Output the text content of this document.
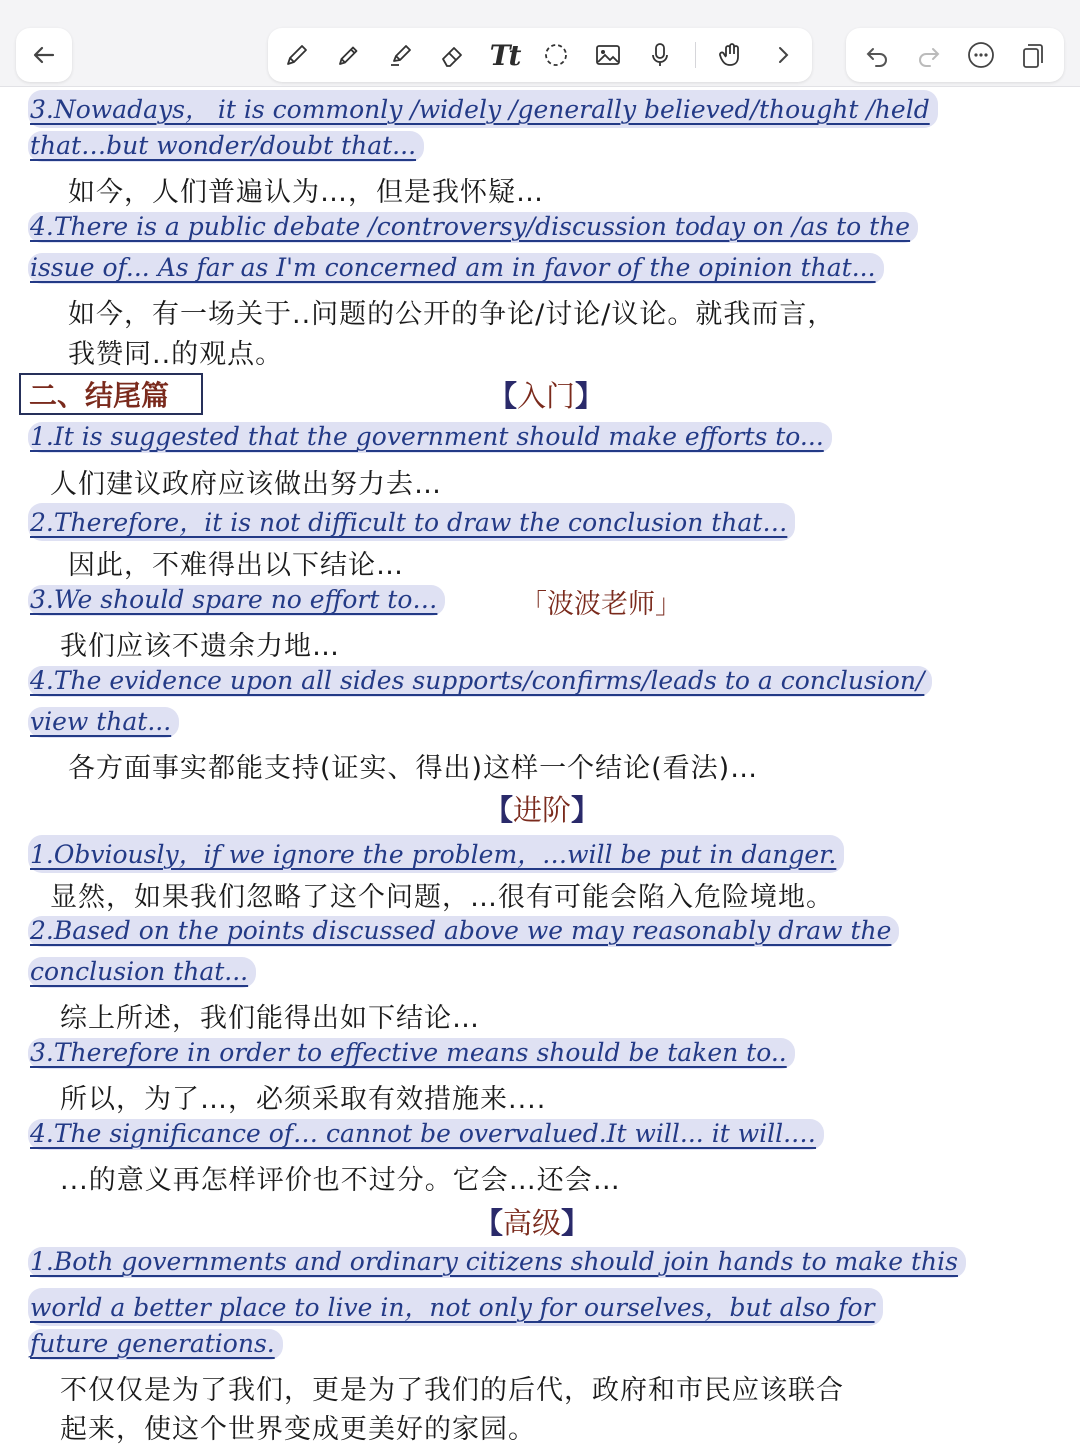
Tt
3.Nowadays， it is commonly /widely /generally believed/thought /held
that…but wonder/doubt that...
如今，人们普遍认为…，但是我怀疑…
4.There is a public debate /controversy/discussion today on /as to the
issue of... As far as I'm concerned am in favor of the opinion that...
如今，有一场关于..问题的公开的争论/讨论/议论。就我而言，
我赞同..的观点。
二、结尾篇	【入门】
1.It is suggested that the government should make efforts to...
人们建议政府应该做出努力去…
2.Therefore，it is not difficult to draw the conclusion that…
因此，不难得出以下结论…
3.We should spare no effort to…	「波波老师」
我们应该不遗余力地…
4.The evidence upon all sides supports/confirms/leads to a conclusion/
view that...
各方面事实都能支持(证实、得出)这样一个结论(看法)…
【进阶】
1.Obviously，if we ignore the problem，…will be put in danger.
显然，如果我们忽略了这个问题，…很有可能会陷入危险境地。
2.Based on the points discussed above we may reasonably draw the
conclusion that...
综上所述，我们能得出如下结论…
3.Therefore in order to effective means should be taken to..
所以，为了…，必须采取有效措施来....
4.The significance of… cannot be overvalued.It will... it will.…
...的意义再怎样评价也不过分。它会…还会…
【高级】
1.Both governments and ordinary citizens should join hands to make this
world a better place to live in，not only for ourselves，but also for
future generations.
不仅仅是为了我们，更是为了我们的后代，政府和市民应该联合
起来，使这个世界变成更美好的家园。
